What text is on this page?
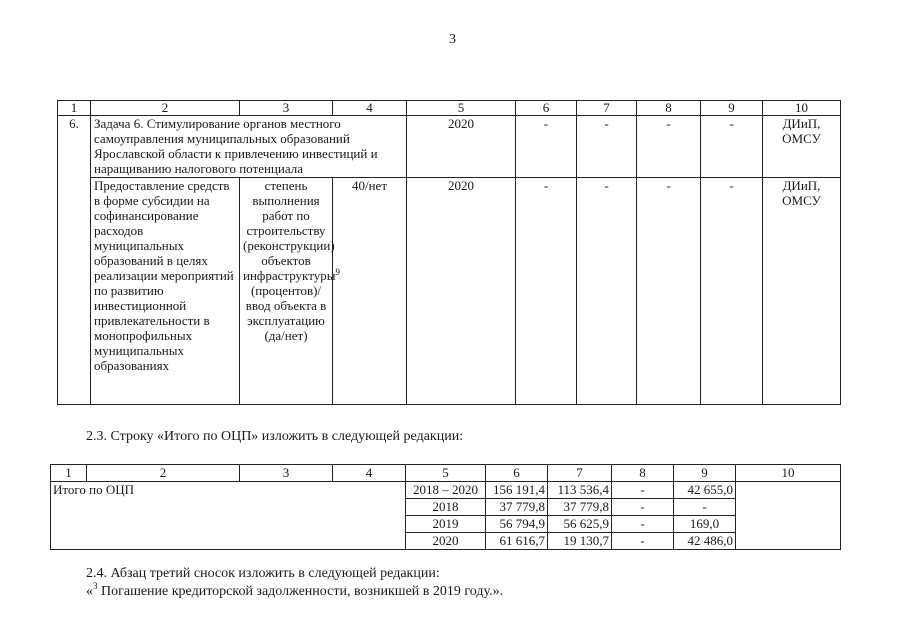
3
1	2	3	4	5	6	7	8	9	10
6.	Задача 6. Стимулирование органов местного самоуправления муниципальных образований Ярославской области к привлечению инвестиций и наращиванию налогового потенциала			2020	-	-	-	-	ДИиП, ОМСУ
	Предоставление средств в форме субсидии на софинансирование расходов муниципальных образований в целях реализации мероприятий по развитию инвестиционной привлекательности в монопрофильных муниципальных образованиях	степень выполнения работ по строительству (реконструкции) объектов инфраструктуры$^9$ (процентов)/ ввод объекта в эксплуатацию (да/нет)	40/нет	2020	-	-	-	-	ДИиП, ОМСУ
2.3. Строку «Итого по ОЦП» изложить в следующей редакции:
1	2	3	4	5	6	7	8	9	10
Итого по ОЦП				2018 – 2020	156 191,4	113 536,4	-	42 655,0	
				2018	37 779,8	37 779,8	-	-	
				2019	56 794,9	56 625,9	-	169,0	
				2020	61 616,7	19 130,7	-	42 486,0	
2.4. Абзац третий сносок изложить в следующей редакции:
«$^3$ Погашение кредиторской задолженности, возникшей в 2019 году.».
